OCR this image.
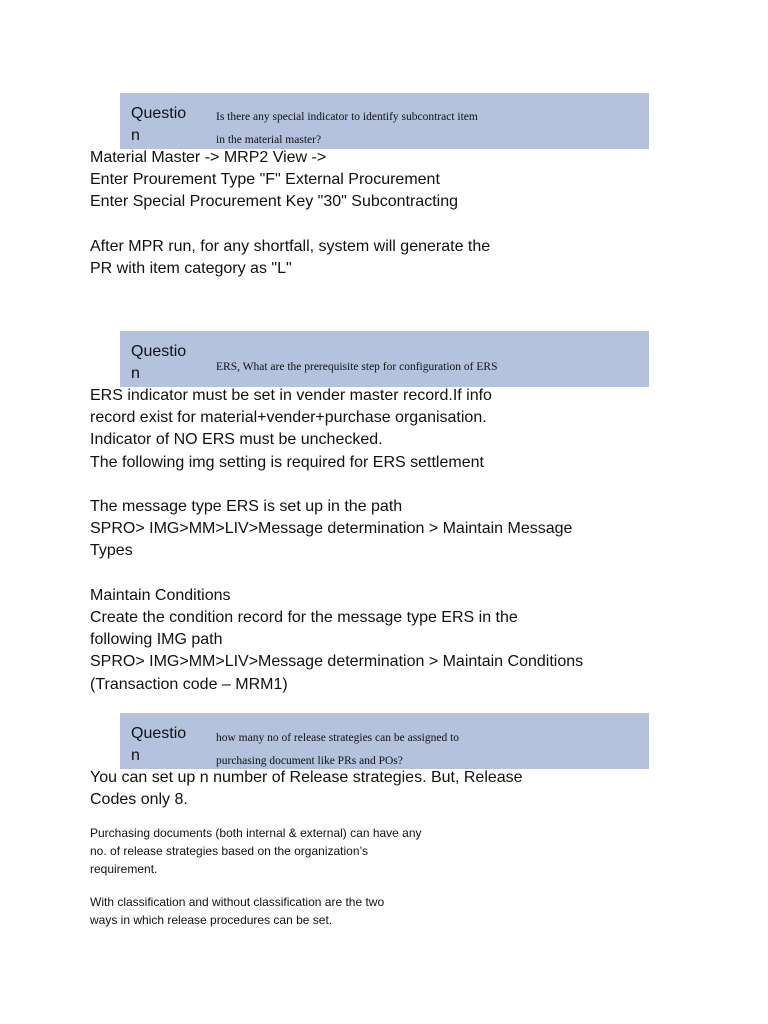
Question
Is there any special indicator to identify subcontract item
in the material master?
Material Master -> MRP2 View ->
Enter Prourement Type "F" External Procurement
Enter Special Procurement Key "30" Subcontracting
After MPR run, for any shortfall, system will generate the
PR with item category as "L"
Question	ERS, What are the prerequisite step for configuration of ERS
ERS indicator must be set in vender master record.If info
record exist for material+vender+purchase organisation.
Indicator of NO ERS must be unchecked.
The following img setting is required for ERS settlement
The message type ERS is set up in the path
SPRO> IMG>MM>LIV>Message determination > Maintain Message
Types
Maintain Conditions
Create the condition record for the message type ERS in the
following IMG path
SPRO> IMG>MM>LIV>Message determination > Maintain Conditions
(Transaction code – MRM1)
Question
how many no of release strategies can be assigned to
purchasing document like PRs and POs?
You can set up n number of Release strategies. But, Release
Codes only 8.
Purchasing documents (both internal & external) can have any
no. of release strategies based on the organization’s
requirement.
With classification and without classification are the two
ways in which release procedures can be set.
